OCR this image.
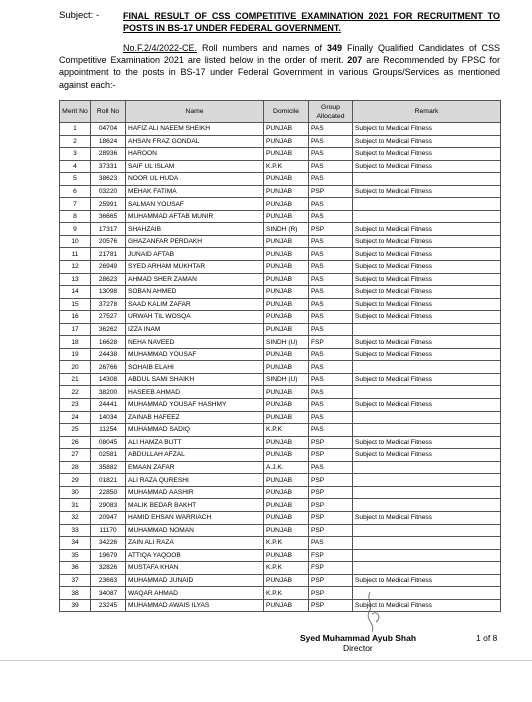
Subject: -	FINAL RESULT OF CSS COMPETITIVE EXAMINATION 2021 FOR RECRUITMENT TO POSTS IN BS-17 UNDER FEDERAL GOVERNMENT.
No.F.2/4/2022-CE. Roll numbers and names of 349 Finally Qualified Candidates of CSS Competitive Examination 2021 are listed below in the order of merit. 207 are Recommended by FPSC for appointment to the posts in BS-17 under Federal Government in various Groups/Services as mentioned against each:-
Merit No	Roll No	Name	Domicile	Group Allocated	Remark
1	04704	HAFIZ ALI NAEEM SHEIKH	PUNJAB	PAS	Subject to Medical Fitness
2	18624	AHSAN FRAZ GONDAL	PUNJAB	PAS	Subject to Medical Fitness
3	28936	HAROON	PUNJAB	PAS	Subject to Medical Fitness
4	37331	SAIF UL ISLAM	K.P.K	PAS	Subject to Medical Fitness
5	38623	NOOR UL HUDA	PUNJAB	PAS	
6	03220	MEHAK FATIMA	PUNJAB	PSP	Subject to Medical Fitness
7	25991	SALMAN YOUSAF	PUNJAB	PAS	
8	36665	MUHAMMAD AFTAB MUNIR	PUNJAB	PAS	
9	17317	SHAHZAIB	SINDH (R)	PSP	Subject to Medical Fitness
10	20576	GHAZANFAR PERDAKH	PUNJAB	PAS	Subject to Medical Fitness
11	21781	JUNAID AFTAB	PUNJAB	PAS	Subject to Medical Fitness
12	26949	SYED ARHAM MUKHTAR	PUNJAB	PAS	Subject to Medical Fitness
13	28623	AHMAD SHER ZAMAN	PUNJAB	PAS	Subject to Medical Fitness
14	13098	SOBAN AHMED	PUNJAB	PAS	Subject to Medical Fitness
15	37278	SAAD KALIM ZAFAR	PUNJAB	PAS	Subject to Medical Fitness
16	27527	URWAH TIL WOSQA	PUNJAB	PAS	Subject to Medical Fitness
17	36262	IZZA INAM	PUNJAB	PAS	
18	16628	NEHA NAVEED	SINDH (U)	FSP	Subject to Medical Fitness
19	24438	MUHAMMAD YOUSAF	PUNJAB	PAS	Subject to Medical Fitness
20	26766	SOHAIB ELAHI	PUNJAB	PAS	
21	14308	ABDUL SAMI SHAIKH	SINDH (U)	PAS	Subject to Medical Fitness
22	38200	HASEEB AHMAD	PUNJAB	PAS	
23	24441	MUHAMMAD YOUSAF HASHMY	PUNJAB	PAS	Subject to Medical Fitness
24	14034	ZAINAB HAFEEZ	PUNJAB	PAS	
25	11254	MUHAMMAD SADIQ	K.P.K	PAS	
26	08045	ALI HAMZA BUTT	PUNJAB	PSP	Subject to Medical Fitness
27	02581	ABDULLAH AFZAL	PUNJAB	PSP	Subject to Medical Fitness
28	35882	EMAAN ZAFAR	A.J.K.	PAS	
29	01821	ALI RAZA QURESHI	PUNJAB	PSP	
30	22850	MUHAMMAD AASHIR	PUNJAB	PSP	
31	29083	MALIK BEDAR BAKHT	PUNJAB	PSP	
32	20947	HAMID EHSAN WARRIACH	PUNJAB	PSP	Subject to Medical Fitness
33	11170	MUHAMMAD NOMAN	PUNJAB	PSP	
34	34226	ZAIN ALI RAZA	K.P.K	PAS	
35	19679	ATTIQA YAQOOB	PUNJAB	FSP	
36	32826	MUSTAFA KHAN	K.P.K	FSP	
37	23663	MUHAMMAD JUNAID	PUNJAB	PSP	Subject to Medical Fitness
38	34087	WAQAR AHMAD	K.P.K	PSP	
39	23245	MUHAMMAD AWAIS ILYAS	PUNJAB	PSP	Subject to Medical Fitness
Syed Muhammad Ayub Shah
Director
1 of 8
